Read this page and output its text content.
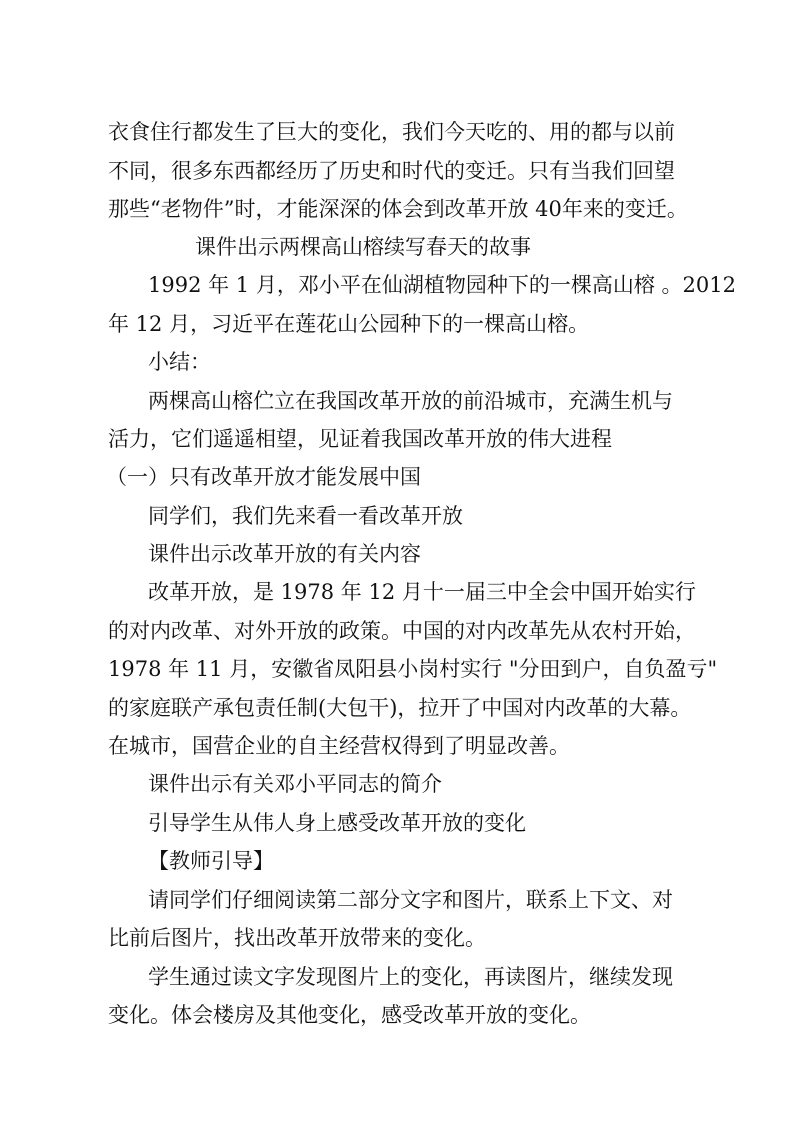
衣食住行都发生了巨大的变化，我们今天吃的、用的都与以前
不同，很多东西都经历了历史和时代的变迁。只有当我们回望
那些“老物件”时，才能深深的体会到改革开放 40年来的变迁。
课件出示两棵高山榕续写春天的故事
1992 年 1 月，邓小平在仙湖植物园种下的一棵高山榕 。2012
年 12 月，习近平在莲花山公园种下的一棵高山榕。
小结：
两棵高山榕伫立在我国改革开放的前沿城市，充满生机与
活力，它们遥遥相望，见证着我国改革开放的伟大进程
（一）只有改革开放才能发展中国
同学们，我们先来看一看改革开放
课件出示改革开放的有关内容
改革开放，是 1978 年 12 月十一届三中全会中国开始实行
的对内改革、对外开放的政策。中国的对内改革先从农村开始，
1978 年 11 月，安徽省凤阳县小岗村实行 "分田到户，自负盈亏"
的家庭联产承包责任制(大包干)，拉开了中国对内改革的大幕。
在城市，国营企业的自主经营权得到了明显改善。
课件出示有关邓小平同志的简介
引导学生从伟人身上感受改革开放的变化
【教师引导】
请同学们仔细阅读第二部分文字和图片，联系上下文、对
比前后图片，找出改革开放带来的变化。
学生通过读文字发现图片上的变化，再读图片，继续发现
变化。体会楼房及其他变化，感受改革开放的变化。
